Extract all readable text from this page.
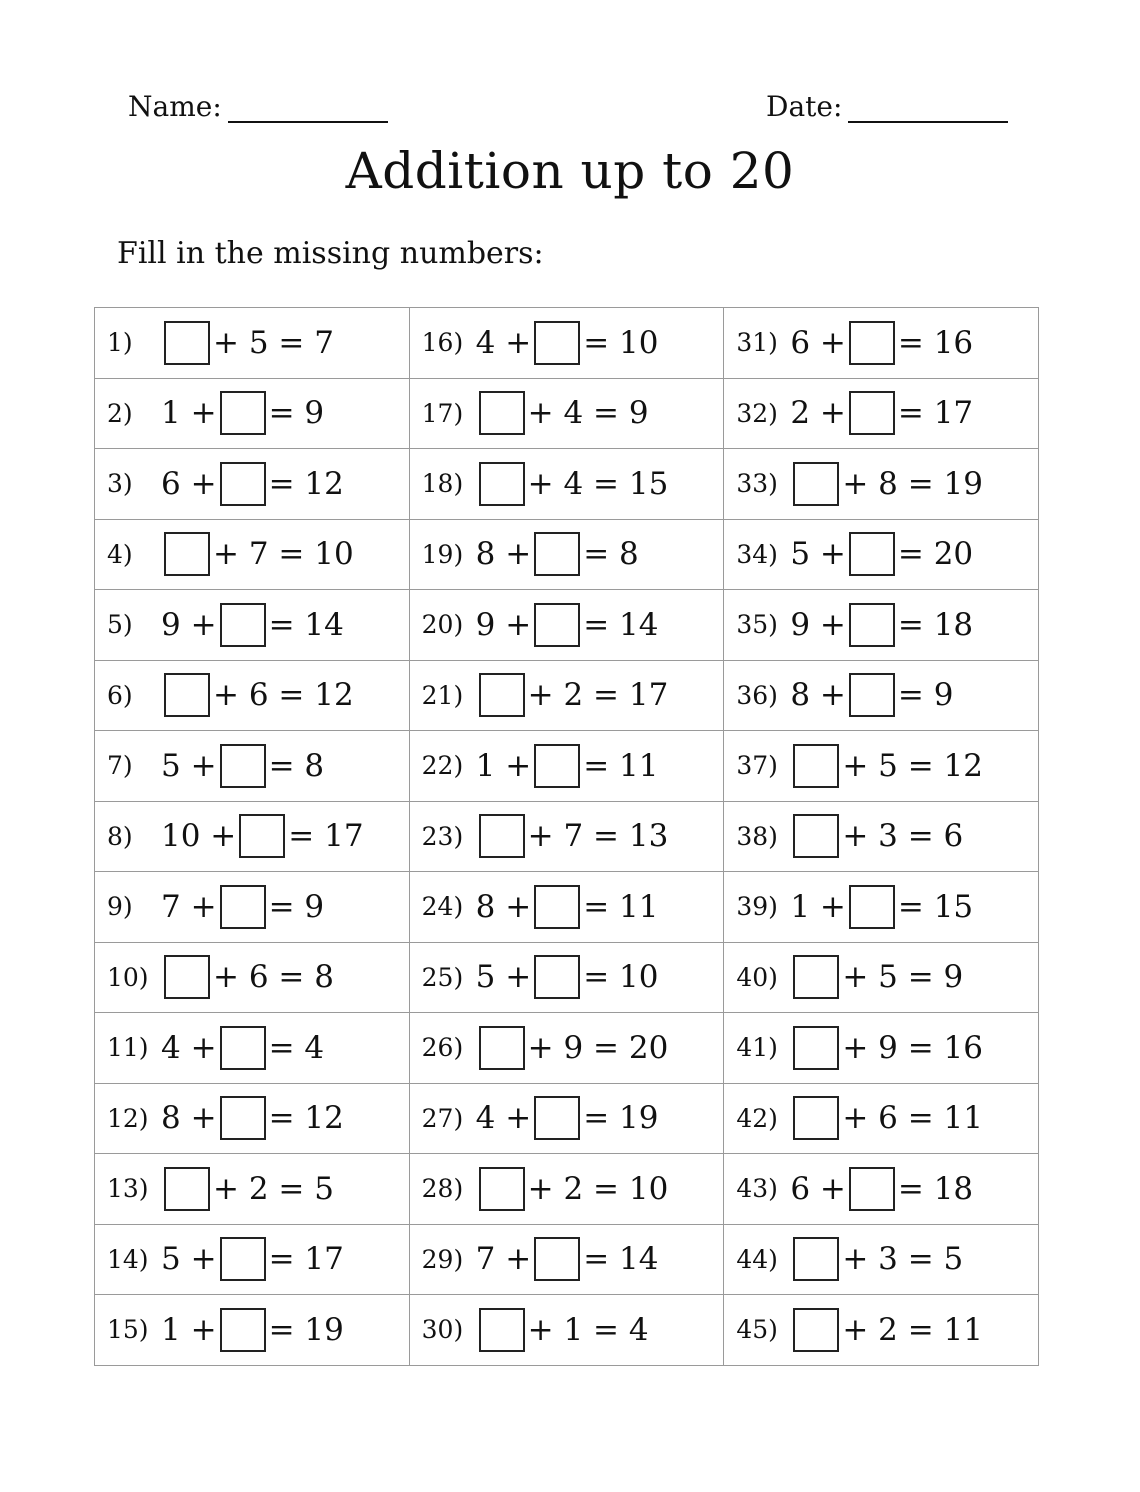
Name:	Date:
Addition up to 20
Fill in the missing numbers:
1) + 5 = 7	16) 4 + = 10	31) 6 + = 16
2) 1 + = 9	17) + 4 = 9	32) 2 + = 17
3) 6 + = 12	18) + 4 = 15	33) + 8 = 19
4) + 7 = 10	19) 8 + = 8	34) 5 + = 20
5) 9 + = 14	20) 9 + = 14	35) 9 + = 18
6) + 6 = 12	21) + 2 = 17	36) 8 + = 9
7) 5 + = 8	22) 1 + = 11	37) + 5 = 12
8) 10 + = 17	23) + 7 = 13	38) + 3 = 6
9) 7 + = 9	24) 8 + = 11	39) 1 + = 15
10) + 6 = 8	25) 5 + = 10	40) + 5 = 9
11) 4 + = 4	26) + 9 = 20	41) + 9 = 16
12) 8 + = 12	27) 4 + = 19	42) + 6 = 11
13) + 2 = 5	28) + 2 = 10	43) 6 + = 18
14) 5 + = 17	29) 7 + = 14	44) + 3 = 5
15) 1 + = 19	30) + 1 = 4	45) + 2 = 11
